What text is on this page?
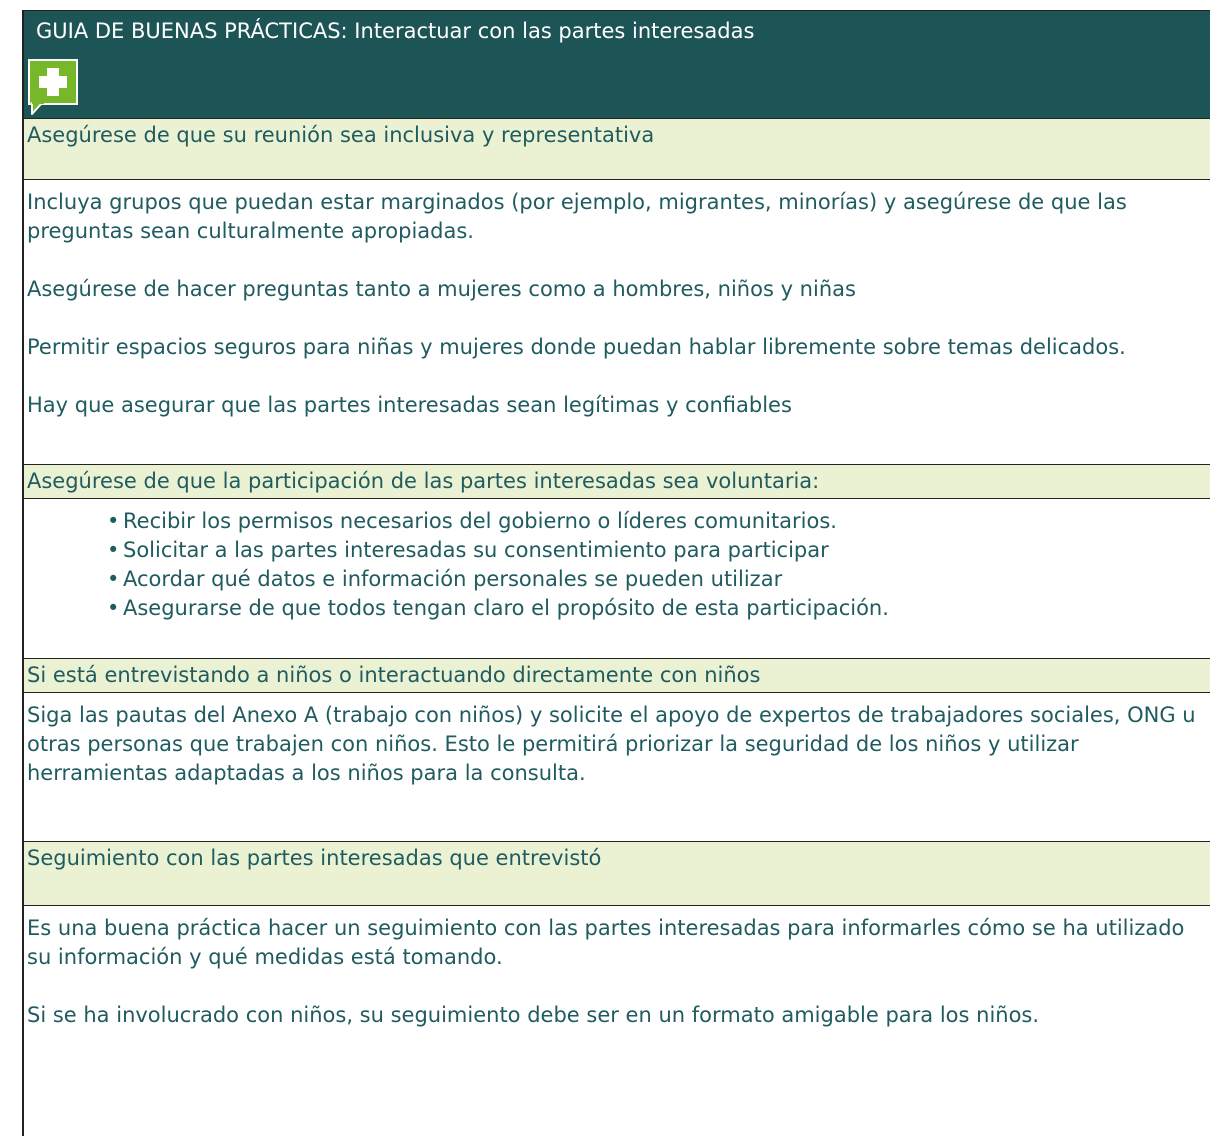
GUIA DE BUENAS PRÁCTICAS: Interactuar con las partes interesadas
Asegúrese de que su reunión sea inclusiva y representativa

Incluya grupos que puedan estar marginados (por ejemplo, migrantes, minorías) y asegúrese de que las preguntas sean culturalmente apropiadas.

Asegúrese de hacer preguntas tanto a mujeres como a hombres, niños y niñas

Permitir espacios seguros para niñas y mujeres donde puedan hablar libremente sobre temas delicados.

Hay que asegurar que las partes interesadas sean legítimas y confiables

Asegúrese de que la participación de las partes interesadas sea voluntaria:
• Recibir los permisos necesarios del gobierno o líderes comunitarios.
• Solicitar a las partes interesadas su consentimiento para participar
• Acordar qué datos e información personales se pueden utilizar
• Asegurarse de que todos tengan claro el propósito de esta participación.
Si está entrevistando a niños o interactuando directamente con niños

Siga las pautas del Anexo A (trabajo con niños) y solicite el apoyo de expertos de trabajadores sociales, ONG u otras personas que trabajen con niños. Esto le permitirá priorizar la seguridad de los niños y utilizar herramientas adaptadas a los niños para la consulta.

Seguimiento con las partes interesadas que entrevistó

Es una buena práctica hacer un seguimiento con las partes interesadas para informarles cómo se ha utilizado su información y qué medidas está tomando.

Si se ha involucrado con niños, su seguimiento debe ser en un formato amigable para los niños.
